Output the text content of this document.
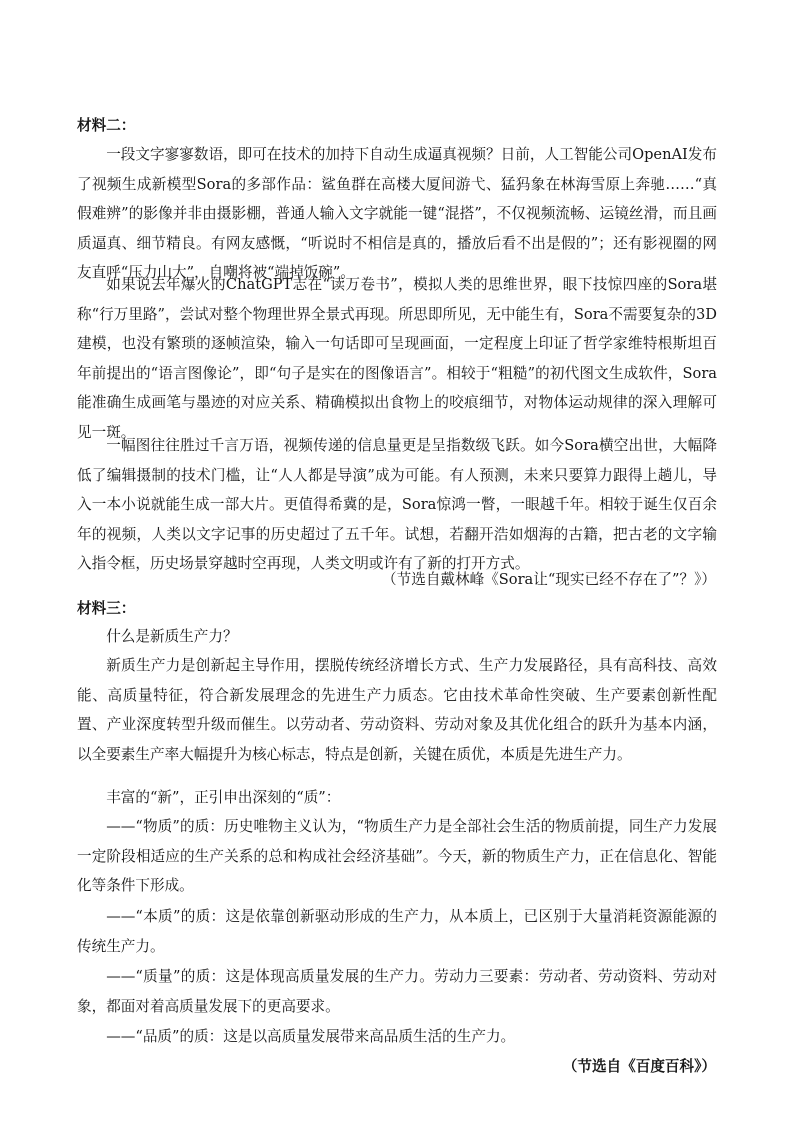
材料二：

一段文字寥寥数语，即可在技术的加持下自动生成逼真视频？日前，人工智能公司OpenAI发布了视频生成新模型Sora的多部作品：鲨鱼群在高楼大厦间游弋、猛犸象在林海雪原上奔驰……“真假难辨”的影像并非由摄影棚，普通人输入文字就能一键“混搭”，不仅视频流畅、运镜丝滑，而且画质逼真、细节精良。有网友感慨，“听说时不相信是真的，播放后看不出是假的”；还有影视圈的网友直呼“压力山大”，自嘲将被“端掉饭碗”。

如果说去年爆火的ChatGPT志在“读万卷书”，模拟人类的思维世界，眼下技惊四座的Sora堪称“行万里路”，尝试对整个物理世界全景式再现。所思即所见，无中能生有，Sora不需要复杂的3D建模，也没有繁琐的逐帧渲染，输入一句话即可呈现画面，一定程度上印证了哲学家维特根斯坦百年前提出的“语言图像论”，即“句子是实在的图像语言”。相较于“粗糙”的初代图文生成软件，Sora能准确生成画笔与墨迹的对应关系、精确模拟出食物上的咬痕细节，对物体运动规律的深入理解可见一斑。

一幅图往往胜过千言万语，视频传递的信息量更是呈指数级飞跃。如今Sora横空出世，大幅降低了编辑摄制的技术门槛，让“人人都是导演”成为可能。有人预测，未来只要算力跟得上趟儿，导入一本小说就能生成一部大片。更值得希冀的是，Sora惊鸿一瞥，一眼越千年。相较于诞生仅百余年的视频，人类以文字记事的历史超过了五千年。试想，若翻开浩如烟海的古籍，把古老的文字输入指令框，历史场景穿越时空再现，人类文明或许有了新的打开方式。

（节选自戴林峰《Sora让“现实已经不存在了”？》）

材料三：

什么是新质生产力？

新质生产力是创新起主导作用，摆脱传统经济增长方式、生产力发展路径，具有高科技、高效能、高质量特征，符合新发展理念的先进生产力质态。它由技术革命性突破、生产要素创新性配置、产业深度转型升级而催生。以劳动者、劳动资料、劳动对象及其优化组合的跃升为基本内涵，以全要素生产率大幅提升为核心标志，特点是创新，关键在质优，本质是先进生产力。

丰富的“新”，正引申出深刻的“质”：

——“物质”的质：历史唯物主义认为，“物质生产力是全部社会生活的物质前提，同生产力发展一定阶段相适应的生产关系的总和构成社会经济基础”。今天，新的物质生产力，正在信息化、智能化等条件下形成。

——“本质”的质：这是依靠创新驱动形成的生产力，从本质上，已区别于大量消耗资源能源的传统生产力。

——“质量”的质：这是体现高质量发展的生产力。劳动力三要素：劳动者、劳动资料、劳动对象，都面对着高质量发展下的更高要求。

——“品质”的质：这是以高质量发展带来高品质生活的生产力。

（节选自《百度百科》）
